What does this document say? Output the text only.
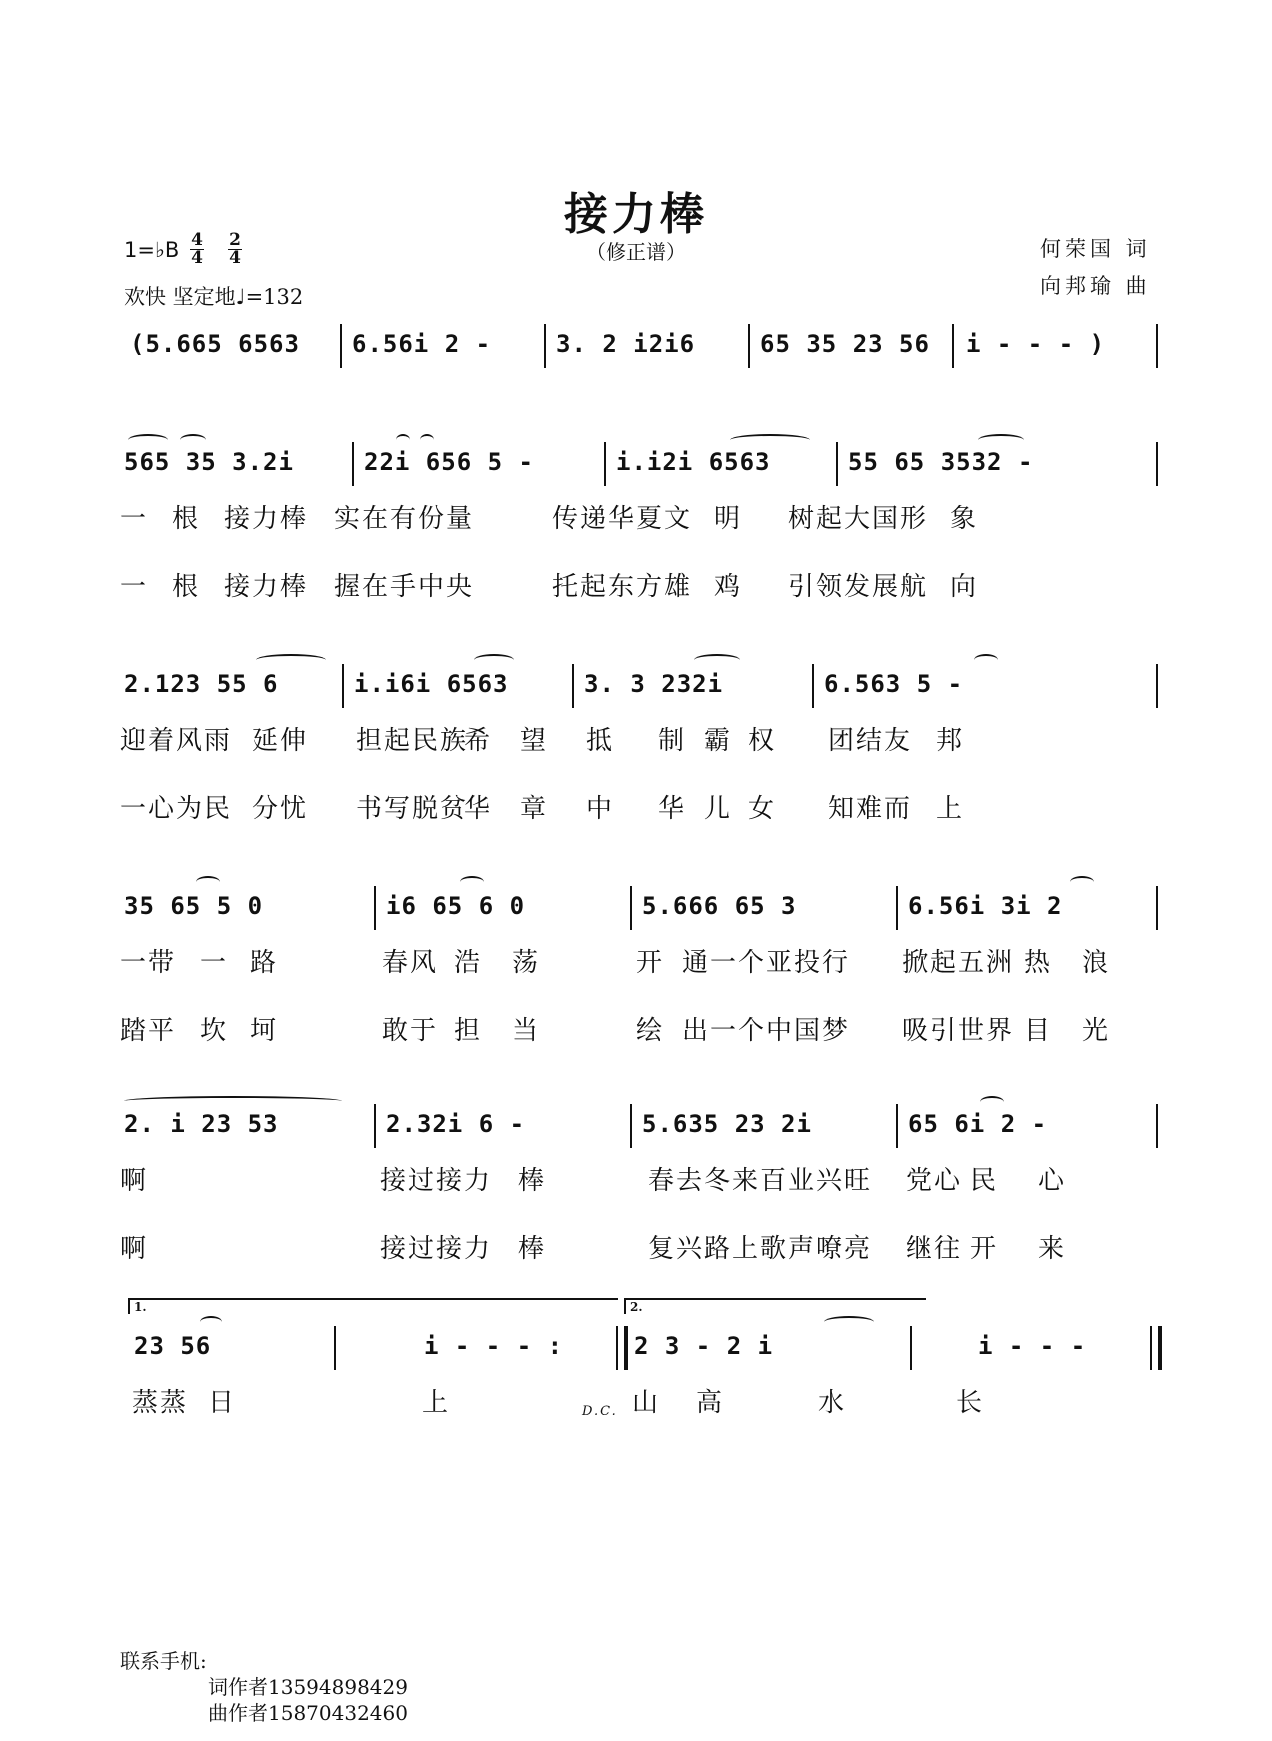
接力棒
（修正谱）	何荣国 词
向邦瑜 曲
1=♭B $\frac{4}{4} \frac{2}{4}$
欢快 坚定地♩=132
(5.665 6563 6.56i 2 -	3. 2 i2i6	65 35 23 56 i - - - )
565 35 3.2i	22i 656 5 -	i.i2i 6563	55 65 3532 -
一 根 接力棒 实在有份量	传递华夏文 明 树起大国形 象
一 根 接力棒 握在手中央	托起东方雄 鸡 引领发展航 向
2.123 55 6	i.i6i 6563	3. 3 232i	6.563 5 -
迎着风雨 延伸 担起民族
希 望 抵 制 霸 权 团结友 邦
一心为民 分忧 书写脱贫
华 章 中 华 儿 女 知难而 上
35 65 5 0	i6 65 6 0	5.666 65 3	6.56i 3i 2
一带 一 路	春风 浩 荡	开 通一个亚投行 掀起五洲 热 浪
踏平 坎 坷	敢于 担 当	绘 出一个中国梦 吸引世界 目 光
2. i 23 53	2.32i 6 -	5.635 23 2i	65 6i 2 -
啊	接过接力 棒	春去冬来百业兴旺 党心 民 心
啊	接过接力 棒	复兴路上歌声嘹亮 继往 开 来
1.	2.
23 56	i - - - :	2 3 - 2 i	i - - -
蒸蒸 日	上	D.C. 山 高	水	长
联系手机:
词作者13594898429
曲作者15870432460
